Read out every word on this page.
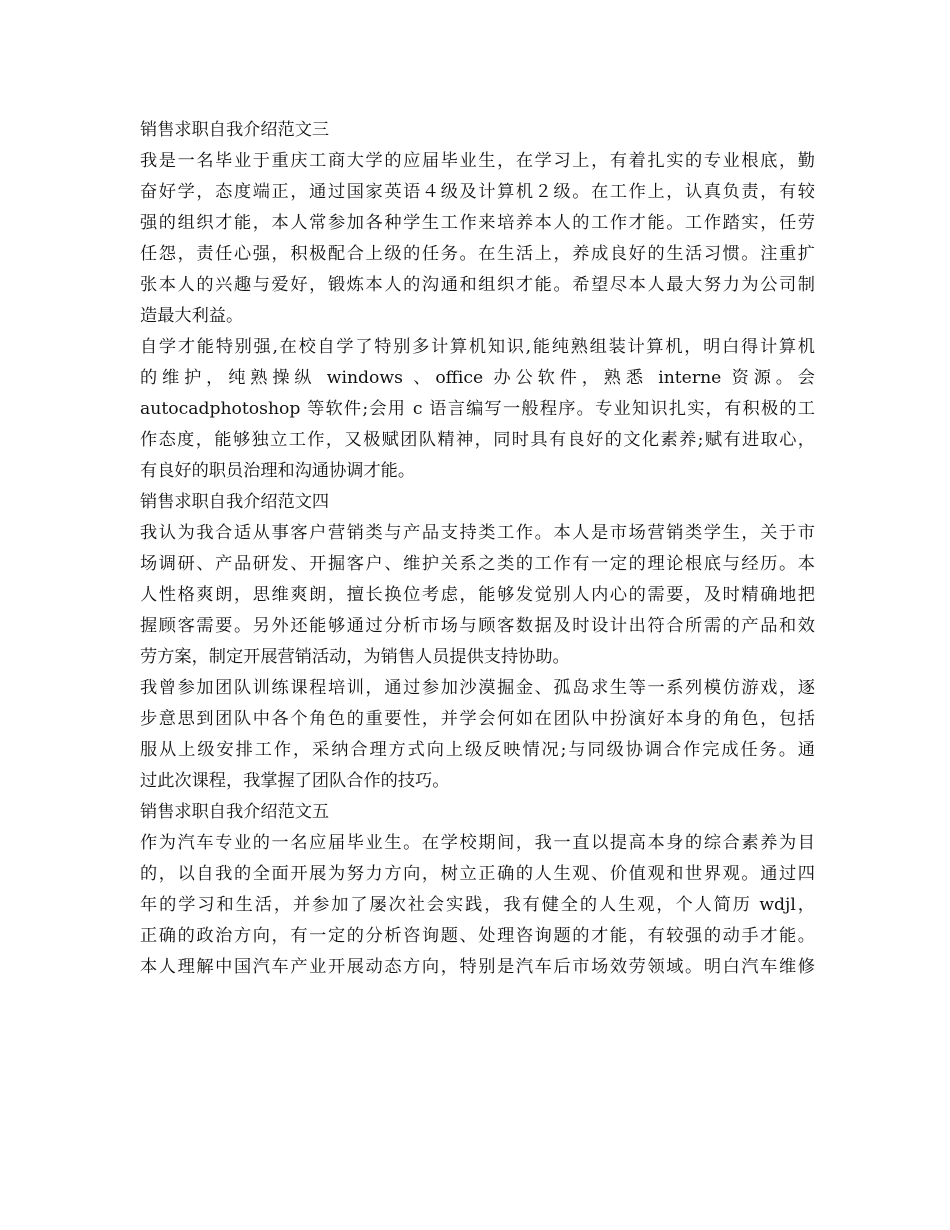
销售求职自我介绍范文三
我是一名毕业于重庆工商大学的应届毕业生，在学习上，有着扎实的专业根底，勤
奋好学，态度端正，通过国家英语４级及计算机２级。在工作上，认真负责，有较
强的组织才能，本人常参加各种学生工作来培养本人的工作才能。工作踏实，任劳
任怨，责任心强，积极配合上级的任务。在生活上，养成良好的生活习惯。注重扩
张本人的兴趣与爱好，锻炼本人的沟通和组织才能。希望尽本人最大努力为公司制
造最大利益。
自学才能特别强,在校自学了特别多计算机知识,能纯熟组装计算机，明白得计算机
的维护，纯熟操纵 windows 、office 办公软件，熟悉 interne 资源。会
autocadphotoshop 等软件;会用 c 语言编写一般程序。专业知识扎实，有积极的工
作态度，能够独立工作，又极赋团队精神，同时具有良好的文化素养;赋有进取心，
有良好的职员治理和沟通协调才能。
销售求职自我介绍范文四
我认为我合适从事客户营销类与产品支持类工作。本人是市场营销类学生，关于市
场调研、产品研发、开掘客户、维护关系之类的工作有一定的理论根底与经历。本
人性格爽朗，思维爽朗，擅长换位考虑，能够发觉别人内心的需要，及时精确地把
握顾客需要。另外还能够通过分析市场与顾客数据及时设计出符合所需的产品和效
劳方案，制定开展营销活动，为销售人员提供支持协助。
我曾参加团队训练课程培训，通过参加沙漠掘金、孤岛求生等一系列模仿游戏，逐
步意思到团队中各个角色的重要性，并学会何如在团队中扮演好本身的角色，包括
服从上级安排工作，采纳合理方式向上级反映情况;与同级协调合作完成任务。通
过此次课程，我掌握了团队合作的技巧。
销售求职自我介绍范文五
作为汽车专业的一名应届毕业生。在学校期间，我一直以提高本身的综合素养为目
的，以自我的全面开展为努力方向，树立正确的人生观、价值观和世界观。通过四
年的学习和生活，并参加了屡次社会实践，我有健全的人生观，个人简历 wdjl，
正确的政治方向，有一定的分析咨询题、处理咨询题的才能，有较强的动手才能。
本人理解中国汽车产业开展动态方向，特别是汽车后市场效劳领域。明白汽车维修
